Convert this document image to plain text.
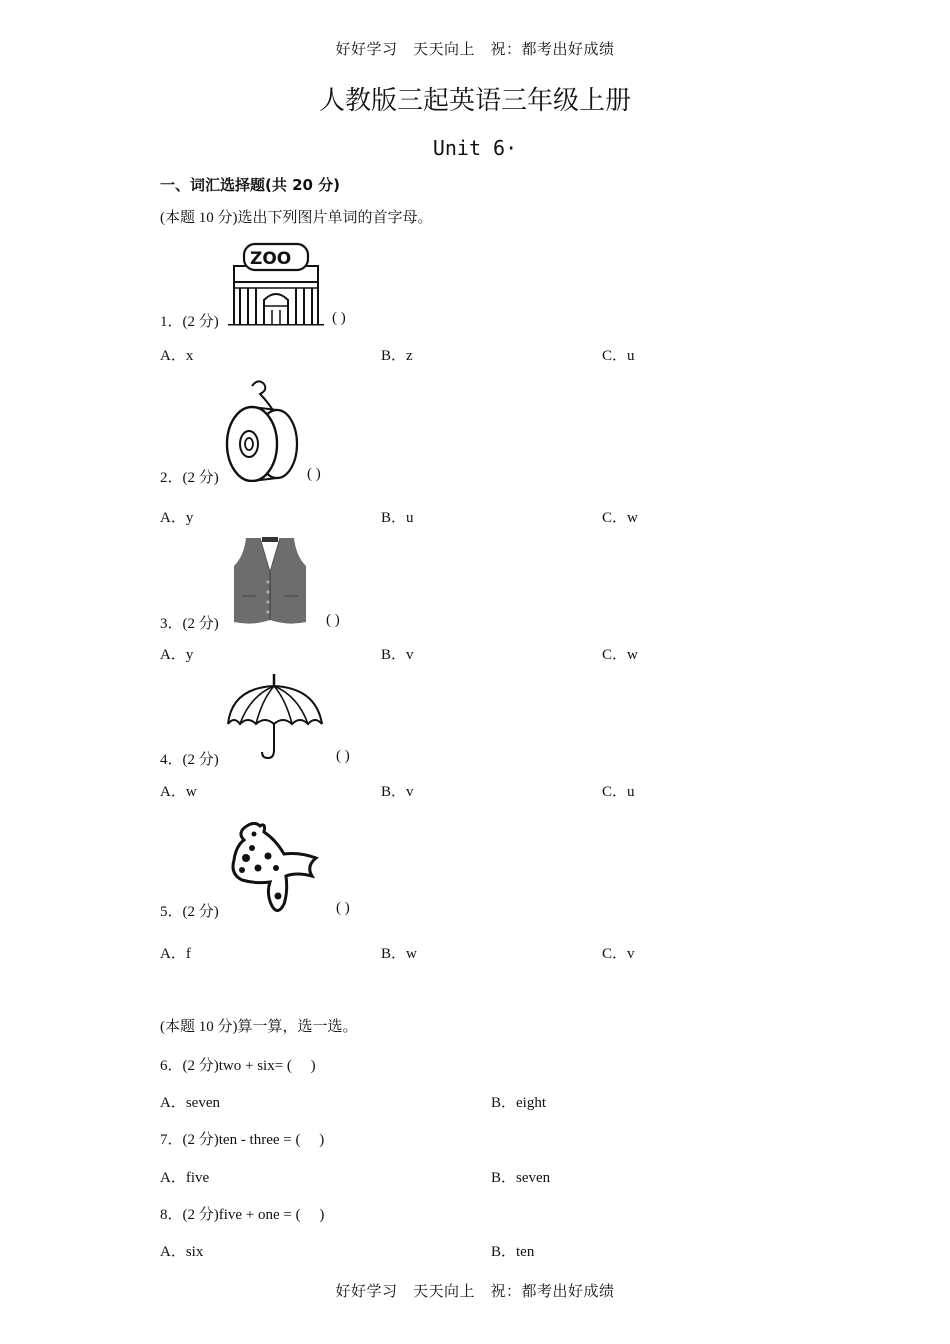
好好学习　天天向上　祝：都考出好成绩
人教版三起英语三年级上册
Unit 6·
一、词汇选择题(共 20 分)
(本题 10 分)选出下列图片单词的首字母。
ZOO
1．(2 分)	( )
A．x	B．z	C．u
2．(2 分)	( )
A．y	B．u	C．w
3．(2 分)	( )
A．y	B．v	C．w
4．(2 分)	( )
A．w	B．v	C．u
5．(2 分)	( )
A．f	B．w	C．v
(本题 10 分)算一算，选一选。
6．(2 分)two + six= (　 )
A．seven	B．eight
7．(2 分)ten - three = (　 )
A．five	B．seven
8．(2 分)five + one = (　 )
A．six	B．ten
好好学习　天天向上　祝：都考出好成绩
